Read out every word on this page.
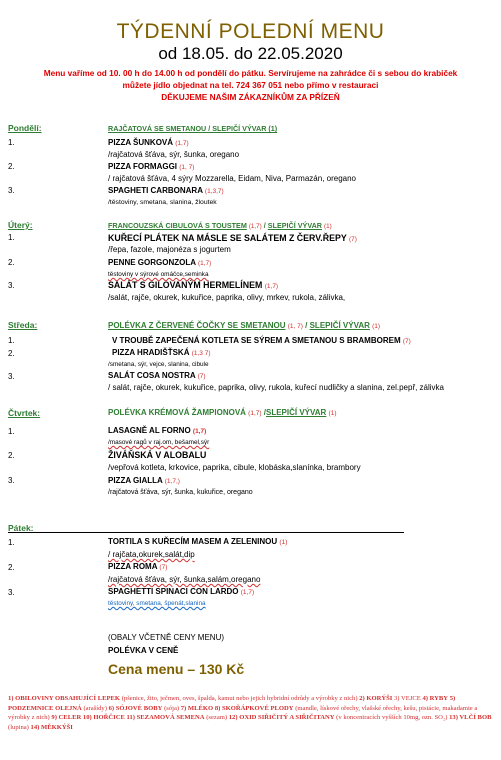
TÝDENNÍ POLEDNÍ MENU
od 18.05. do 22.05.2020
Menu vaříme od 10. 00 h do 14.00 h od pondělí do pátku. Servírujeme na zahrádce či s sebou do krabiček
můžete jídlo objednat na tel. 724 367 051 nebo přímo v restauraci
DĚKUJEME NAŠIM ZÁKAZNÍKŮM ZA PŘÍZEŇ
Pondělí:	RAJČATOVÁ SE SMETANOU / SLEPIČÍ VÝVAR (1)
1.	PIZZA ŠUNKOVÁ (1,7)
/rajčatová šťáva, sýr, šunka, oregano
2.	PIZZA FORMAGGI (1, 7)
/ rajčatová šťáva, 4 sýry Mozzarella, Eidam, Niva, Parmazán, oregano
3.	SPAGHETI CARBONARA (1,3,7)
/těstoviny, smetana, slanina, žloutek
Úterý:	FRANCOUZSKÁ CIBULOVÁ S TOUSTEM (1,7) / SLEPIČÍ VÝVAR (1)
1.	KUŘECÍ PLÁTEK NA MÁSLE SE SALÁTEM Z ČERV.ŘEPY (7)
/řepa, fazole, majonéza s jogurtem
2.	PENNE GORGONZOLA (1,7)
těstoviny v sýrové omáčce,seminka
3.	SALÁT S GILOVANÝM HERMELÍNEM (1,7)
/salát, rajče, okurek, kukuřice, paprika, olivy, mrkev, rukola, zálivka,
Středa:	POLÉVKA Z ČERVENÉ ČOČKY SE SMETANOU (1, 7) / SLEPIČÍ VÝVAR (1)
1.	V TROUBĚ ZAPEČENÁ KOTLETA SE SÝREM A SMETANOU S BRAMBOREM (7)
2.	PIZZA HRADIŠŤSKÁ (1,3 7)
/smetana, sýr, vejce, slanina, cibule
3.	SALÁT COSA NOSTRA (7)
/ salát, rajče, okurek, kukuřice, paprika, olivy, rukola, kuřecí nudličky a slanina, zel.pepř, zálivka
Čtvrtek:	POLÉVKA KRÉMOVÁ ŽAMPIONOVÁ (1,7) /SLEPIČÍ VÝVAR (1)
1.	LASAGNĚ AL FORNO (1,7)
/masové ragů v raj.om, bešamel,sýr
2.	ŽIVÁŇSKÁ V ALOBALU
/vepřová kotleta, krkovice, paprika, cibule, klobáska,slanínka, brambory
3.	PIZZA GIALLA (1,7,)
/rajčatová šťáva, sýr, šunka, kukuřice, oregano
Pátek:
1.	TORTILA S KUŘECÍM MASEM A ZELENINOU (1)
/ rajčata,okurek,salát,dip
2.	PIZZA ROMA (7)
/rajčatová šťáva, sýr, šunka,salám,oregano
3.	SPAGHETTI SPINACI CON LARDO (1,7)
těstoviny, smetana, špenát,slanina
(OBALY VČETNĚ CENY MENU)
POLÉVKA V CENĚ
Cena menu – 130 Kč
1) OBILOVINY OBSAHUJÍCÍ LEPEK (pšenice, žito, ječmen, oves, špalda, kamut nebo jejich hybridní odrůdy a výrobky z nich) 2) KORÝŠI 3) VEJCE 4) RYBY 5) PODZEMNICE OLEJNÁ (arašídy) 6) SÓJOVÉ BOBY (sója) 7) MLÉKO 8) SKOŘÁPKOVÉ PLODY (mandle, lískové ořechy, vlašské ořechy, kešu, pistácie, makadamie a výrobky z nich) 9) CELER 10) HOŘČICE 11) SEZAMOVÁ SEMENA (sezam) 12) OXID SIŘIČITÝ A SIŘIČITANY (v koncentracích vyšších 10mg, ozn. SO₂) 13) VLČÍ BOB (lupina) 14) MĚKKÝŠI
